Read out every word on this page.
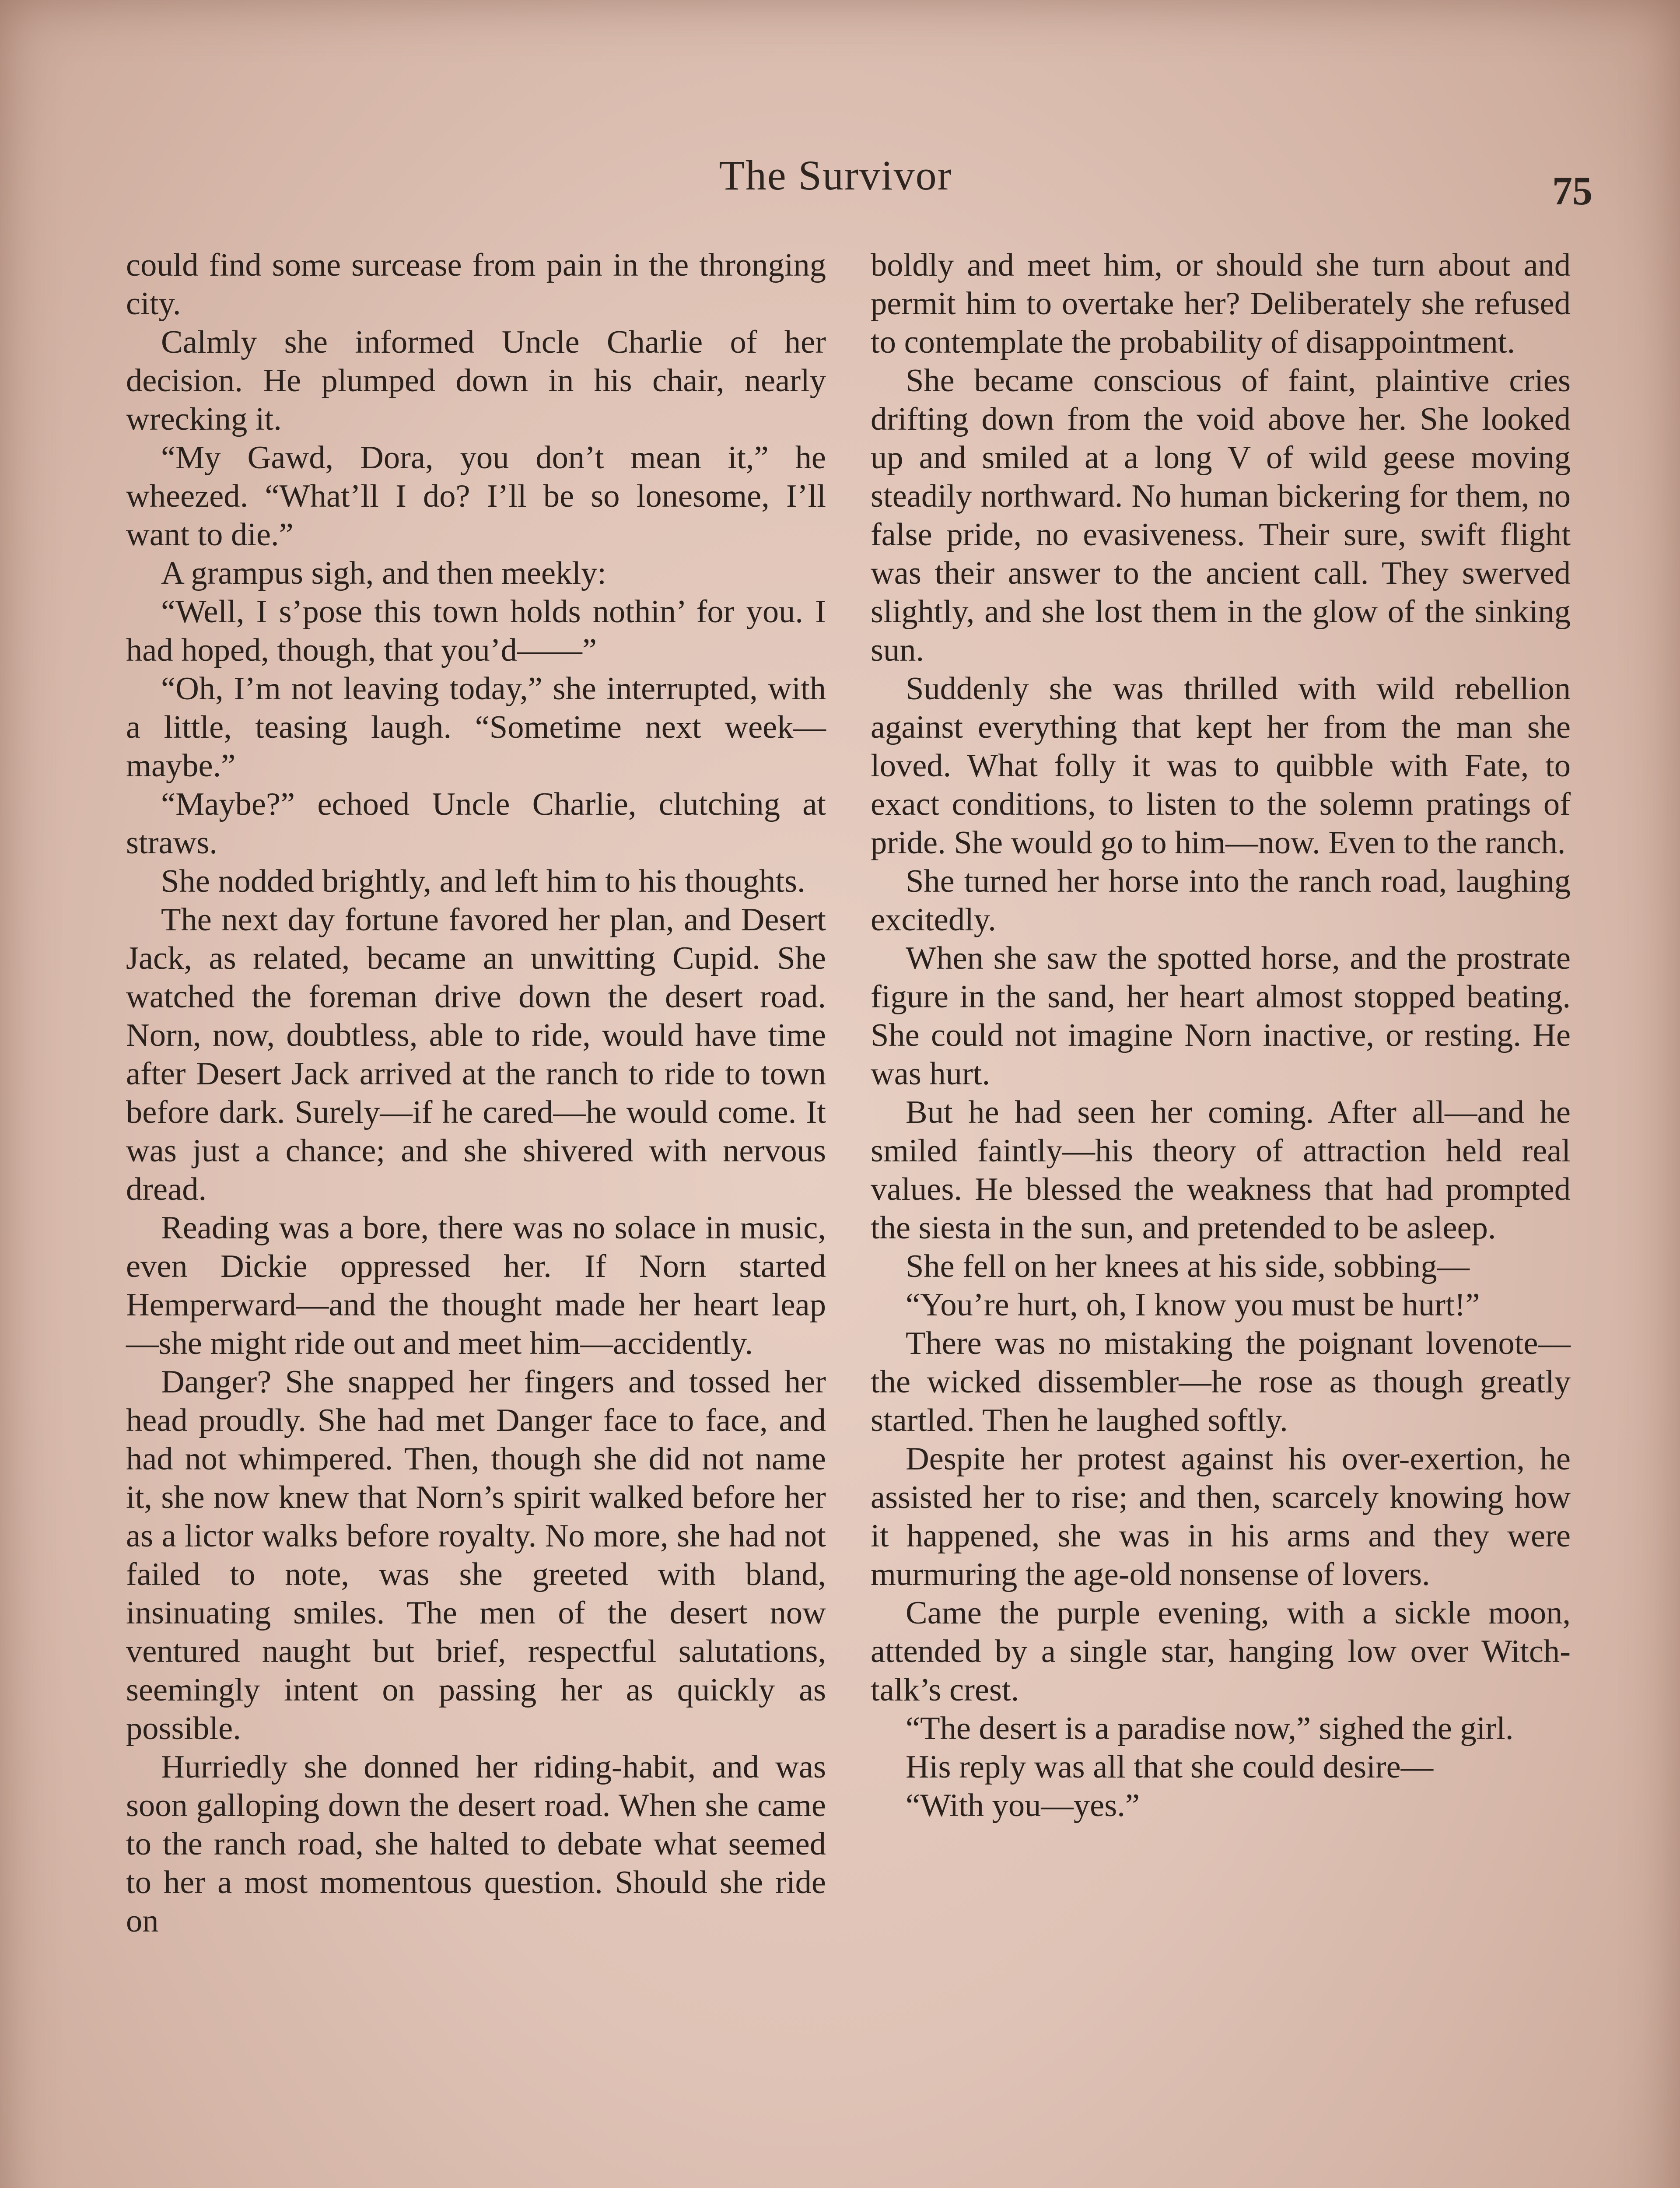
The Survivor	75

could find some surcease from pain in the thronging city.

Calmly she informed Uncle Charlie of her decision. He plumped down in his chair, nearly wrecking it.

“My Gawd, Dora, you don’t mean it,” he wheezed. “What’ll I do? I’ll be so lonesome, I’ll want to die.”

A grampus sigh, and then meekly:

“Well, I s’pose this town holds nothin’ for you. I had hoped, though, that you’d——”

“Oh, I’m not leaving today,” she interrupted, with a little, teasing laugh. “Sometime next week—maybe.”

“Maybe?” echoed Uncle Charlie, clutching at straws.

She nodded brightly, and left him to his thoughts.

The next day fortune favored her plan, and Desert Jack, as related, became an unwitting Cupid. She watched the foreman drive down the desert road. Norn, now, doubtless, able to ride, would have time after Desert Jack arrived at the ranch to ride to town before dark. Surely—if he cared—he would come. It was just a chance; and she shivered with nervous dread.

Reading was a bore, there was no solace in music, even Dickie oppressed her. If Norn started Hemperward—and the thought made her heart leap—she might ride out and meet him—accidently.

Danger? She snapped her fingers and tossed her head proudly. She had met Danger face to face, and had not whimpered. Then, though she did not name it, she now knew that Norn’s spirit walked before her as a lictor walks before royalty. No more, she had not failed to note, was she greeted with bland, insinuating smiles. The men of the desert now ventured naught but brief, respectful salutations, seemingly intent on passing her as quickly as possible.

Hurriedly she donned her riding-habit, and was soon galloping down the desert road. When she came to the ranch road, she halted to debate what seemed to her a most momentous question. Should she ride on

boldly and meet him, or should she turn about and permit him to overtake her? Deliberately she refused to contemplate the probability of disappointment.

She became conscious of faint, plaintive cries drifting down from the void above her. She looked up and smiled at a long V of wild geese moving steadily northward. No human bickering for them, no false pride, no evasiveness. Their sure, swift flight was their answer to the ancient call. They swerved slightly, and she lost them in the glow of the sinking sun.

Suddenly she was thrilled with wild rebellion against everything that kept her from the man she loved. What folly it was to quibble with Fate, to exact conditions, to listen to the solemn pratings of pride. She would go to him—now. Even to the ranch.

She turned her horse into the ranch road, laughing excitedly.

When she saw the spotted horse, and the prostrate figure in the sand, her heart almost stopped beating. She could not imagine Norn inactive, or resting. He was hurt.

But he had seen her coming. After all—and he smiled faintly—his theory of attraction held real values. He blessed the weakness that had prompted the siesta in the sun, and pretended to be asleep.

She fell on her knees at his side, sobbing—

“You’re hurt, oh, I know you must be hurt!”

There was no mistaking the poignant lovenote—the wicked dissembler—he rose as though greatly startled. Then he laughed softly.

Despite her protest against his over-exertion, he assisted her to rise; and then, scarcely knowing how it happened, she was in his arms and they were murmuring the age-old nonsense of lovers.

Came the purple evening, with a sickle moon, attended by a single star, hanging low over Witch-talk’s crest.

“The desert is a paradise now,” sighed the girl.

His reply was all that she could desire—

“With you—yes.”
